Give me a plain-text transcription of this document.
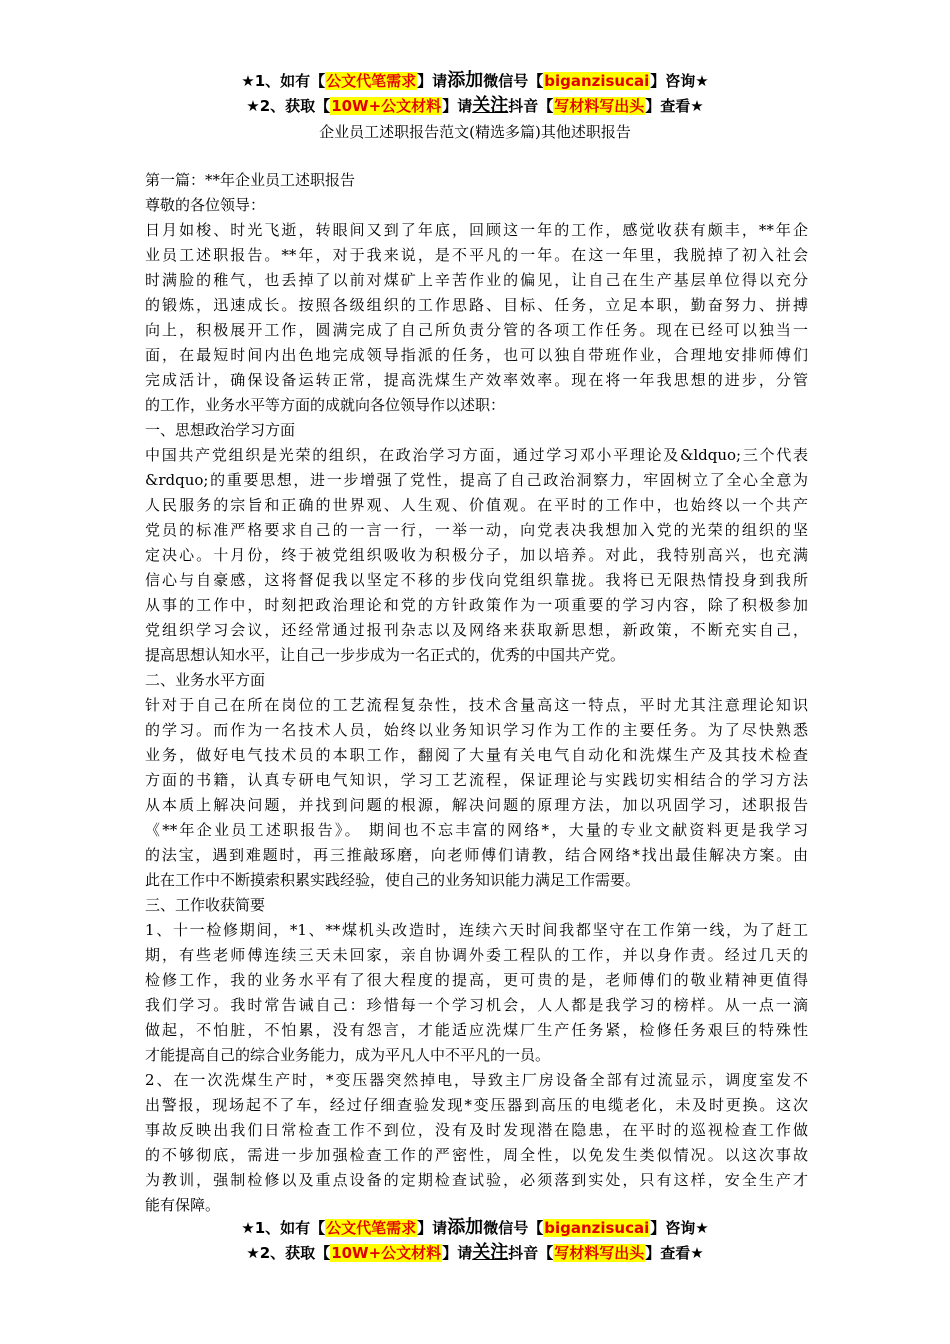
★1、如有【公文代笔需求】请添加微信号【biganzisucai】咨询★
★2、获取【10W+公文材料】请关注抖音【写材料写出头】查看★
企业员工述职报告范文(精选多篇)其他述职报告
第一篇：**年企业员工述职报告
尊敬的各位领导：
日月如梭、时光飞逝，转眼间又到了年底，回顾这一年的工作，感觉收获有颇丰，**年企
业员工述职报告。**年，对于我来说，是不平凡的一年。在这一年里，我脱掉了初入社会
时满脸的稚气，也丢掉了以前对煤矿上辛苦作业的偏见，让自己在生产基层单位得以充分
的锻炼，迅速成长。按照各级组织的工作思路、目标、任务，立足本职，勤奋努力、拼搏
向上，积极展开工作，圆满完成了自己所负责分管的各项工作任务。现在已经可以独当一
面，在最短时间内出色地完成领导指派的任务，也可以独自带班作业，合理地安排师傅们
完成活计，确保设备运转正常，提高洗煤生产效率效率。现在将一年我思想的进步，分管
的工作，业务水平等方面的成就向各位领导作以述职：
一、思想政治学习方面
中国共产党组织是光荣的组织，在政治学习方面，通过学习邓小平理论及&ldquo;三个代表
&rdquo;的重要思想，进一步增强了党性，提高了自己政治洞察力，牢固树立了全心全意为
人民服务的宗旨和正确的世界观、人生观、价值观。在平时的工作中，也始终以一个共产
党员的标准严格要求自己的一言一行，一举一动，向党表决我想加入党的光荣的组织的坚
定决心。十月份，终于被党组织吸收为积极分子，加以培养。对此，我特别高兴，也充满
信心与自豪感，这将督促我以坚定不移的步伐向党组织靠拢。我将已无限热情投身到我所
从事的工作中，时刻把政治理论和党的方针政策作为一项重要的学习内容，除了积极参加
党组织学习会议，还经常通过报刊杂志以及网络来获取新思想，新政策，不断充实自己，
提高思想认知水平，让自己一步步成为一名正式的，优秀的中国共产党。
二、业务水平方面
针对于自己在所在岗位的工艺流程复杂性，技术含量高这一特点，平时尤其注意理论知识
的学习。而作为一名技术人员，始终以业务知识学习作为工作的主要任务。为了尽快熟悉
业务，做好电气技术员的本职工作，翻阅了大量有关电气自动化和洗煤生产及其技术检查
方面的书籍，认真专研电气知识，学习工艺流程，保证理论与实践切实相结合的学习方法
从本质上解决问题，并找到问题的根源，解决问题的原理方法，加以巩固学习，述职报告
《**年企业员工述职报告》。 期间也不忘丰富的网络*，大量的专业文献资料更是我学习
的法宝，遇到难题时，再三推敲琢磨，向老师傅们请教，结合网络*找出最佳解决方案。由
此在工作中不断摸索积累实践经验，使自己的业务知识能力满足工作需要。
三、工作收获简要
1、十一检修期间，*1、**煤机头改造时，连续六天时间我都坚守在工作第一线，为了赶工
期，有些老师傅连续三天未回家，亲自协调外委工程队的工作，并以身作责。经过几天的
检修工作，我的业务水平有了很大程度的提高，更可贵的是，老师傅们的敬业精神更值得
我们学习。我时常告诫自己：珍惜每一个学习机会，人人都是我学习的榜样。从一点一滴
做起，不怕脏，不怕累，没有怨言，才能适应洗煤厂生产任务紧，检修任务艰巨的特殊性
才能提高自己的综合业务能力，成为平凡人中不平凡的一员。
2、在一次洗煤生产时，*变压器突然掉电，导致主厂房设备全部有过流显示，调度室发不
出警报，现场起不了车，经过仔细查验发现*变压器到高压的电缆老化，未及时更换。这次
事故反映出我们日常检查工作不到位，没有及时发现潜在隐患，在平时的巡视检查工作做
的不够彻底，需进一步加强检查工作的严密性，周全性，以免发生类似情况。以这次事故
为教训，强制检修以及重点设备的定期检查试验，必须落到实处，只有这样，安全生产才
能有保障。
★1、如有【公文代笔需求】请添加微信号【biganzisucai】咨询★
★2、获取【10W+公文材料】请关注抖音【写材料写出头】查看★
